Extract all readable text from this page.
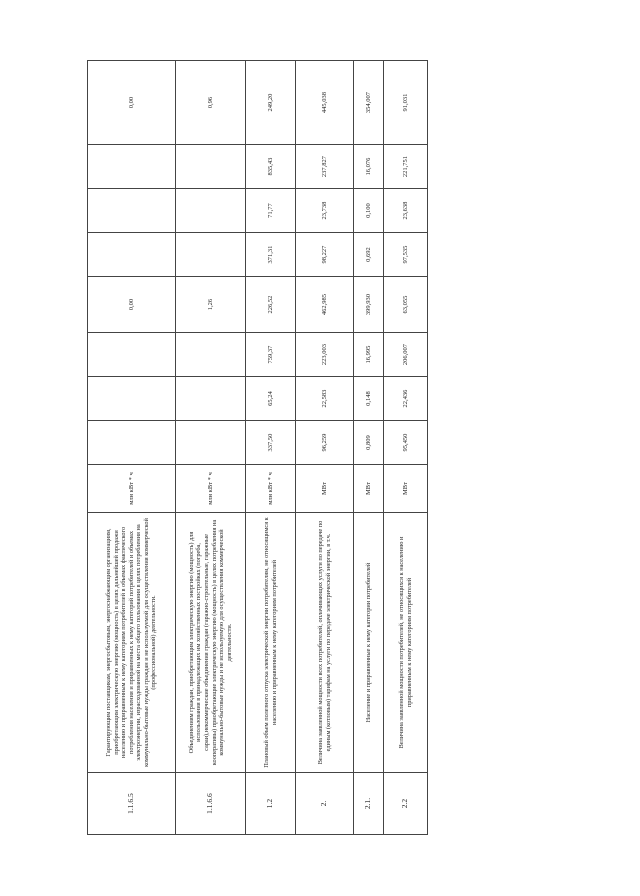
1.1.6.5	Гарантирующим поставщикам, энергосбытовым, энергоснабжающим организациям, приобретающим электрическую энергию (мощность) в целях дальнейшей продажи населению и приравненным к нему категориям потребителей в объемах фактического потребления населения и приравненных к нему категорий потребителей и объемах электроэнергии, израсходованной на места общего пользования в целях потребления на коммунально-бытовые нужды граждан и не используемой для осуществления коммерческой (профессиональной) деятельности.	млн кВт * ч				0,00				0,00
1.1.6.6	Объединениям граждан, приобретающим электрическую энергию (мощность) для использования в принадлежащих им хозяйственных постройках (погреба, сараи),некоммерческие объединения граждан (гаражно-строительные, гаражные кооперативы) приобретающие электрическую энергию (мощность) в целях потребления на коммунально-бытовые нужды и не используемую для осуществления коммерческой деятельности.	млн кВт * ч				1,26				0,96
1.2	Плановый объем полезного отпуска электрической энергии потребителям, не относящимся к населению и приравненным к нему категориям потребителей	млн кВт * ч	337,50	65,24	759,37	226,52	371,31	71,77	835,43	249,20
2.	Величина заявленной мощности всех потребителей, оплачивающих услуги по передаче по единым (котловым) тарифам на услуги по передаче электрической энергии, в т.ч.	МВт	96,259	22,583	223,003	462,985	98,227	23,738	237,827	445,038
2.1.	Население и приравненные к нему категории потребителей	МВт	0,809	0,148	16,995	399,930	0,692	0,100	16,076	354,007
2.2	Величина заявленной мощности потребителей, не относящихся к населению и приравненным к нему категориям потребителей	МВт	95,450	22,436	206,007	63,055	97,535	23,638	221,751	91,031
